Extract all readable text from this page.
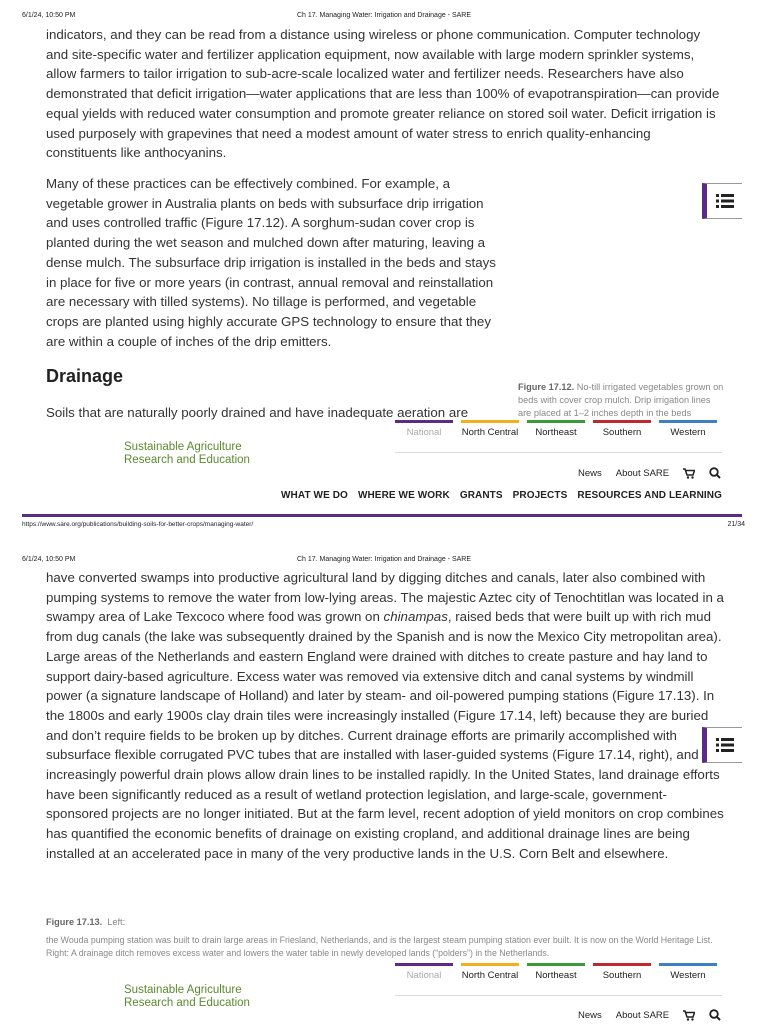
6/1/24, 10:50 PM	Ch 17. Managing Water: Irrigation and Drainage - SARE
indicators, and they can be read from a distance using wireless or phone communication. Computer technology and site-specific water and fertilizer application equipment, now available with large modern sprinkler systems, allow farmers to tailor irrigation to sub-acre-scale localized water and fertilizer needs. Researchers have also demonstrated that deficit irrigation—water applications that are less than 100% of evapotranspiration—can provide equal yields with reduced water consumption and promote greater reliance on stored soil water. Deficit irrigation is used purposely with grapevines that need a modest amount of water stress to enrich quality-enhancing constituents like anthocyanins.
Many of these practices can be effectively combined. For example, a vegetable grower in Australia plants on beds with subsurface drip irrigation and uses controlled traffic (Figure 17.12). A sorghum-sudan cover crop is planted during the wet season and mulched down after maturing, leaving a dense mulch. The subsurface drip irrigation is installed in the beds and stays in place for five or more years (in contrast, annual removal and reinstallation are necessary with tilled systems). No tillage is performed, and vegetable crops are planted using highly accurate GPS technology to ensure that they are within a couple of inches of the drip emitters.
Drainage
Soils that are naturally poorly drained and have inadequate aeration are
Figure 17.12. No-till irrigated vegetables grown on beds with cover crop mulch. Drip irrigation lines are placed at 1–2 inches depth in the beds
National	North Central	Northeast	Southern	Western
Sustainable Agriculture
Research and Education
News About SARE
WHAT WE DO WHERE WE WORK GRANTS PROJECTS RESOURCES AND LEARNING
https://www.sare.org/publications/building-soils-for-better-crops/managing-water/	21/34
6/1/24, 10:50 PM	Ch 17. Managing Water: Irrigation and Drainage - SARE
have converted swamps into productive agricultural land by digging ditches and canals, later also combined with pumping systems to remove the water from low-lying areas. The majestic Aztec city of Tenochtitlan was located in a swampy area of Lake Texcoco where food was grown on chinampas, raised beds that were built up with rich mud from dug canals (the lake was subsequently drained by the Spanish and is now the Mexico City metropolitan area). Large areas of the Netherlands and eastern England were drained with ditches to create pasture and hay land to support dairy-based agriculture. Excess water was removed via extensive ditch and canal systems by windmill power (a signature landscape of Holland) and later by steam- and oil-powered pumping stations (Figure 17.13). In the 1800s and early 1900s clay drain tiles were increasingly installed (Figure 17.14, left) because they are buried and don’t require fields to be broken up by ditches. Current drainage efforts are primarily accomplished with subsurface flexible corrugated PVC tubes that are installed with laser-guided systems (Figure 17.14, right), and increasingly powerful drain plows allow drain lines to be installed rapidly. In the United States, land drainage efforts have been significantly reduced as a result of wetland protection legislation, and large-scale, government-sponsored projects are no longer initiated. But at the farm level, recent adoption of yield monitors on crop combines has quantified the economic benefits of drainage on existing cropland, and additional drainage lines are being installed at an accelerated pace in many of the very productive lands in the U.S. Corn Belt and elsewhere.
Figure 17.13. Left:
the Wouda pumping station was built to drain large areas in Friesland, Netherlands, and is the largest steam pumping station ever built. It is now on the World Heritage List. Right: A drainage ditch removes excess water and lowers the water table in newly developed lands (“polders”) in the Netherlands.
National	North Central	Northeast	Southern	Western
Sustainable Agriculture
Research and Education
News About SARE
